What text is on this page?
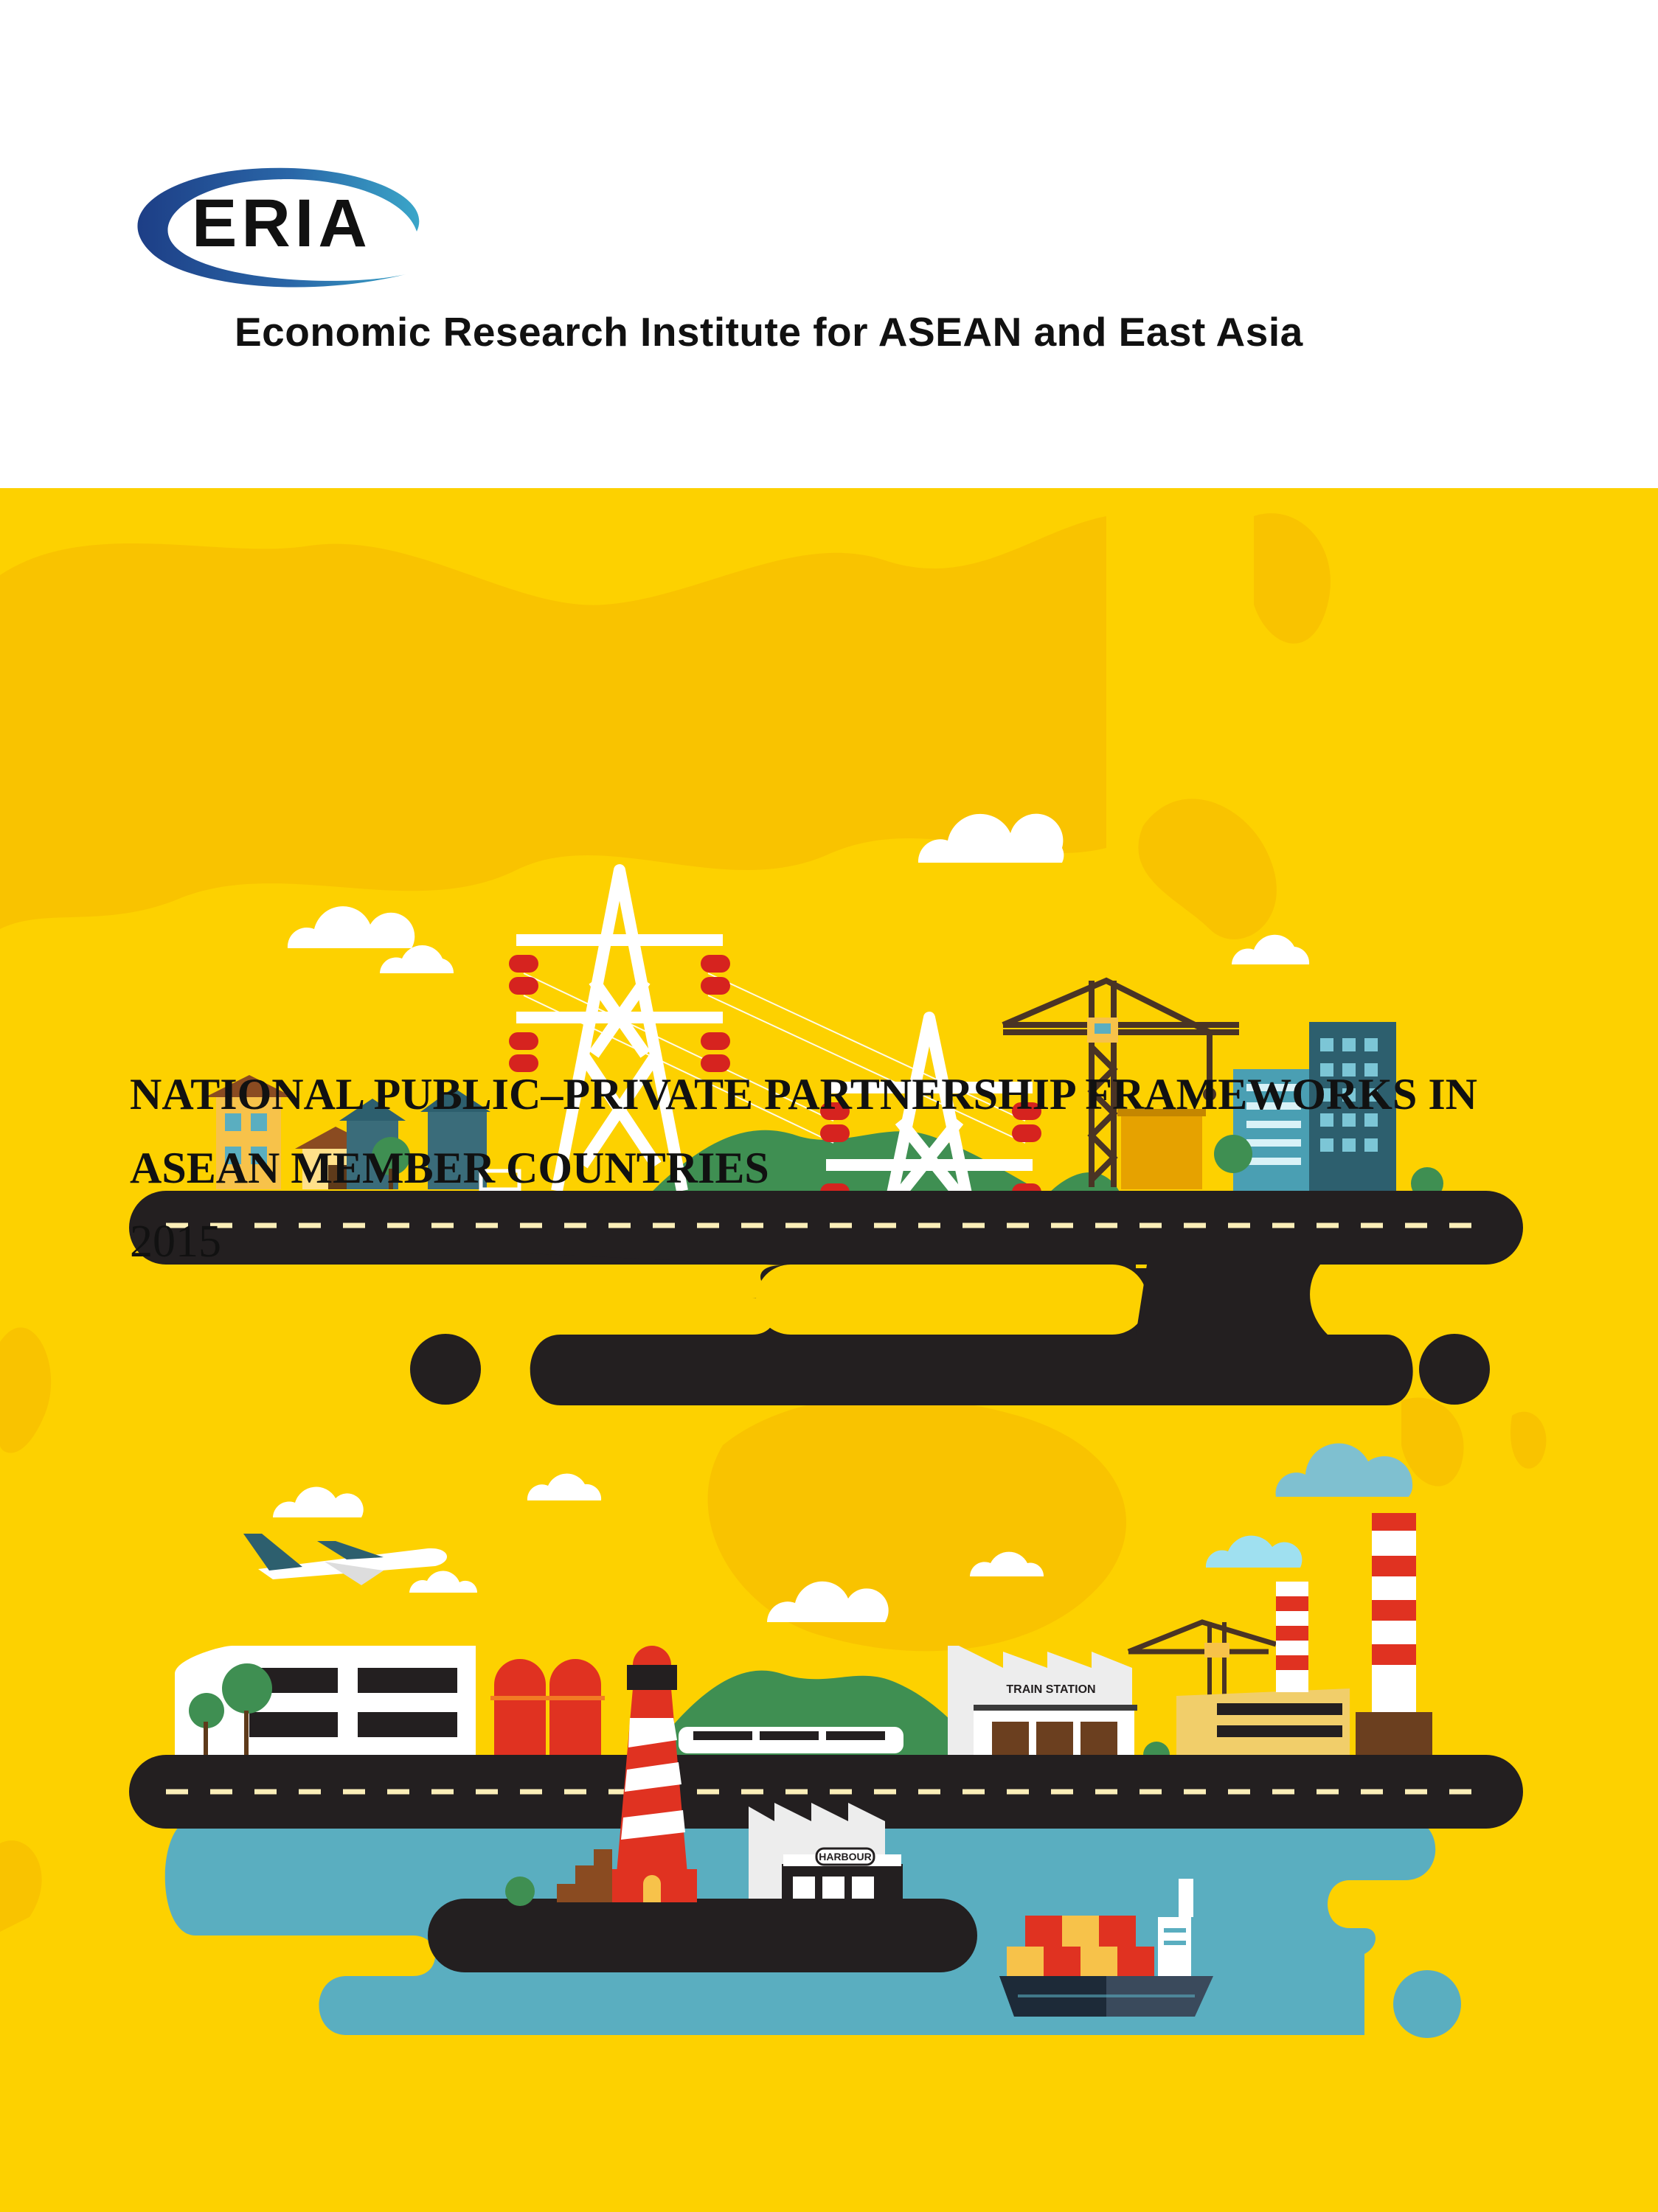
ERIA
Economic Research Institute for ASEAN and East Asia
TRAIN STATION
HARBOUR
NATIONAL PUBLIC–PRIVATE PARTNERSHIP FRAMEWORKS IN
ASEAN MEMBER COUNTRIES
2015
